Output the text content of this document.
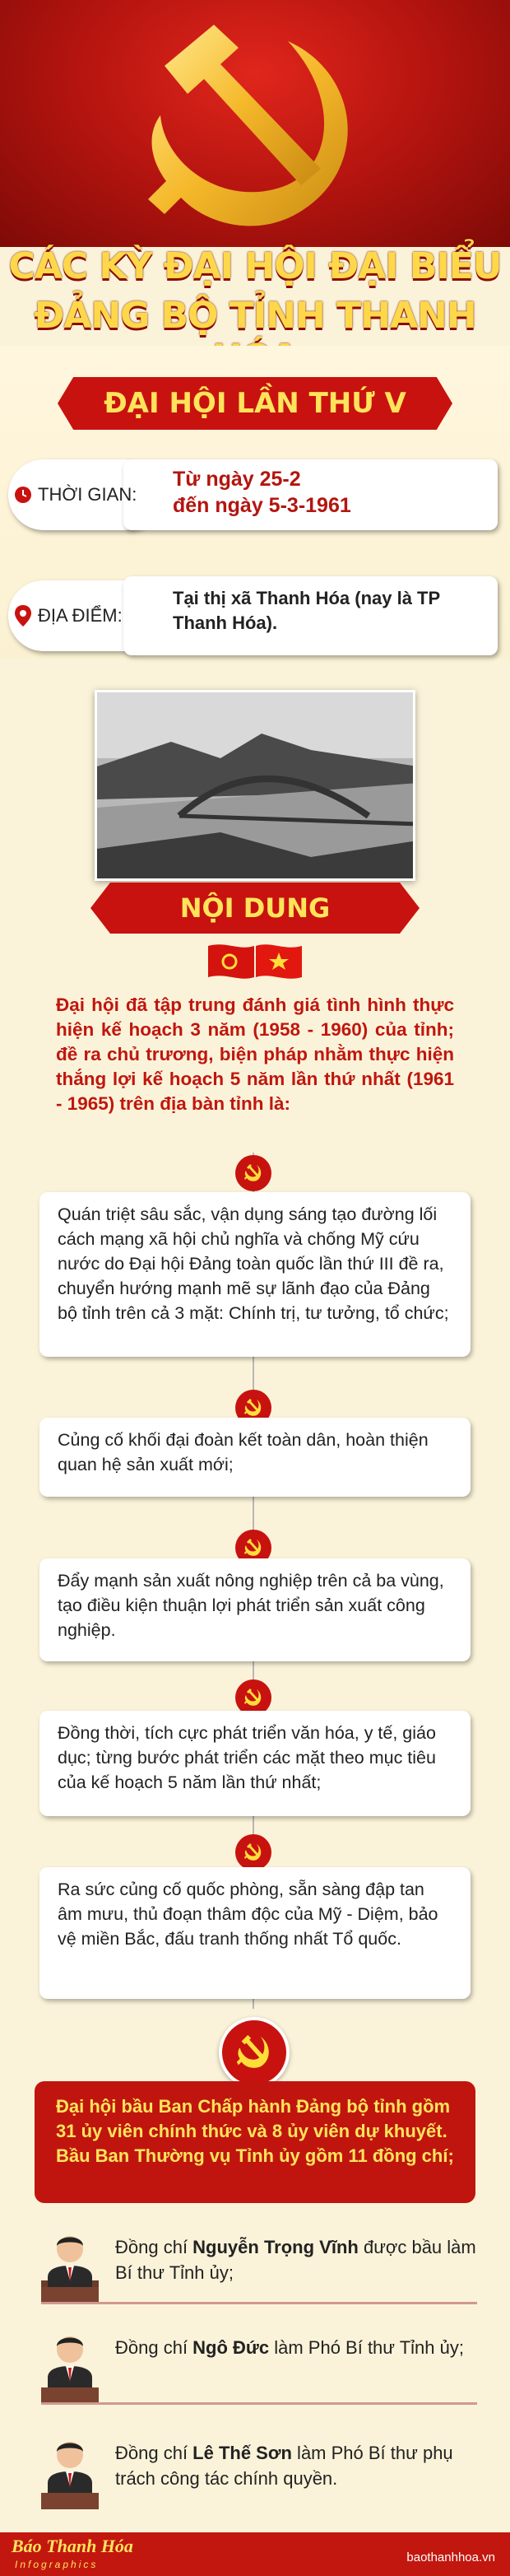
CÁC KỲ ĐẠI HỘI ĐẠI BIỂU
ĐẢNG BỘ TỈNH THANH
ĐẠI HỘI LẦN THỨ V
THỜI GIAN:
Từ ngày 25-2
đến ngày 5-3-1961
ĐỊA ĐIỂM:
Tại thị xã Thanh Hóa (nay là TP Thanh Hóa).
NỘI DUNG
Đại hội đã tập trung đánh giá tình hình thực hiện kế hoạch 3 năm (1958 - 1960) của tỉnh; đề ra chủ trương, biện pháp nhằm thực hiện thắng lợi kế hoạch 5 năm lần thứ nhất (1961 - 1965) trên địa bàn tỉnh là:
Quán triệt sâu sắc, vận dụng sáng tạo đường lối cách mạng xã hội chủ nghĩa và chống Mỹ cứu nước do Đại hội Đảng toàn quốc lần thứ III đề ra, chuyển hướng mạnh mẽ sự lãnh đạo của Đảng bộ tỉnh trên cả 3 mặt: Chính trị, tư tưởng, tổ chức;
Củng cố khối đại đoàn kết toàn dân, hoàn thiện quan hệ sản xuất mới;
Đẩy mạnh sản xuất nông nghiệp trên cả ba vùng, tạo điều kiện thuận lợi phát triển sản xuất công nghiệp.
Đồng thời, tích cực phát triển văn hóa, y tế, giáo dục; từng bước phát triển các mặt theo mục tiêu của kế hoạch 5 năm lần thứ nhất;
Ra sức củng cố quốc phòng, sẵn sàng đập tan âm mưu, thủ đoạn thâm độc của Mỹ - Diệm, bảo vệ miền Bắc, đấu tranh thống nhất Tổ quốc.
Đại hội bầu Ban Chấp hành Đảng bộ tỉnh gồm 31 ủy viên chính thức và 8 ủy viên dự khuyết. Bầu Ban Thường vụ Tỉnh ủy gồm 11 đồng chí;
Đồng chí Nguyễn Trọng Vĩnh được bầu làm Bí thư Tỉnh ủy;
Đồng chí Ngô Đức làm Phó Bí thư Tỉnh ủy;
Đồng chí Lê Thế Sơn làm Phó Bí thư phụ trách công tác chính quyền.
Báo Thanh Hóa
Infographics	baothanhhoa.vn
